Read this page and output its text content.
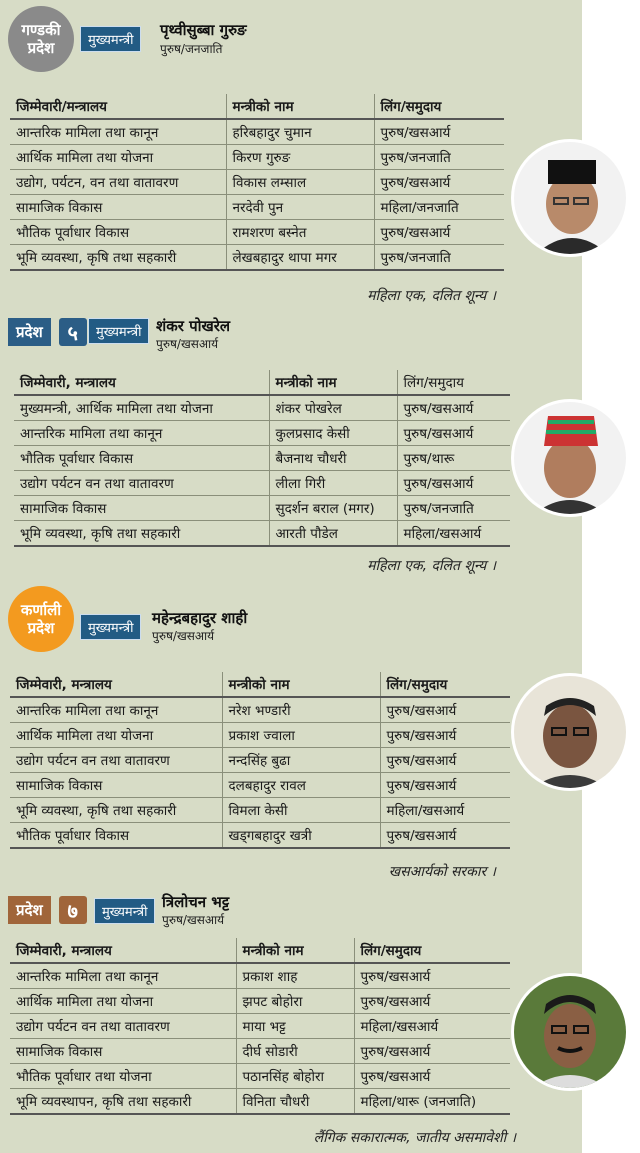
गण्डकी
प्रदेश	मुख्यमन्त्री
पृथ्वीसुब्बा गुरुङ
पुरुष/जनजाति
जिम्मेवारी/मन्त्रालय	मन्त्रीको नाम	लिंग/समुदाय
आन्तरिक मामिला तथा कानून	हरिबहादुर चुमान	पुरुष/खसआर्य
आर्थिक मामिला तथा योजना	किरण गुरुङ	पुरुष/जनजाति
उद्योग, पर्यटन, वन तथा वातावरण	विकास लम्साल	पुरुष/खसआर्य
सामाजिक विकास	नरदेवी पुन	महिला/जनजाति
भौतिक पूर्वाधार विकास	रामशरण बस्नेत	पुरुष/खसआर्य
भूमि व्यवस्था, कृषि तथा सहकारी	लेखबहादुर थापा मगर	पुरुष/जनजाति
महिला एक, दलित शून्य ।
प्रदेश	५	मुख्यमन्त्री शंकर पोखरेल
पुरुष/खसआर्य
जिम्मेवारी, मन्त्रालय	मन्त्रीको नाम	लिंग/समुदाय
मुख्यमन्त्री, आर्थिक मामिला तथा योजना	शंकर पोखरेल	पुरुष/खसआर्य
आन्तरिक मामिला तथा कानून	कुलप्रसाद केसी	पुरुष/खसआर्य
भौतिक पूर्वाधार विकास	बैजनाथ चौधरी	पुरुष/थारू
उद्योग पर्यटन वन तथा वातावरण	लीला गिरी	पुरुष/खसआर्य
सामाजिक विकास	सुदर्शन बराल (मगर)	पुरुष/जनजाति
भूमि व्यवस्था, कृषि तथा सहकारी	आरती पौडेल	महिला/खसआर्य
महिला एक, दलित शून्य ।
कर्णाली
प्रदेश	मुख्यमन्त्री
महेन्द्रबहादुर शाही
पुरुष/खसआर्य
जिम्मेवारी, मन्त्रालय	मन्त्रीको नाम	लिंग/समुदाय
आन्तरिक मामिला तथा कानून	नरेश भण्डारी	पुरुष/खसआर्य
आर्थिक मामिला तथा योजना	प्रकाश ज्वाला	पुरुष/खसआर्य
उद्योग पर्यटन वन तथा वातावरण	नन्दसिंह बुढा	पुरुष/खसआर्य
सामाजिक विकास	दलबहादुर रावल	पुरुष/खसआर्य
भूमि व्यवस्था, कृषि तथा सहकारी	विमला केसी	महिला/खसआर्य
भौतिक पूर्वाधार विकास	खड्गबहादुर खत्री	पुरुष/खसआर्य
खसआर्यको सरकार ।
प्रदेश	७	मुख्यमन्त्री
त्रिलोचन भट्ट
पुरुष/खसआर्य
जिम्मेवारी, मन्त्रालय	मन्त्रीको नाम	लिंग/समुदाय
आन्तरिक मामिला तथा कानून	प्रकाश शाह	पुरुष/खसआर्य
आर्थिक मामिला तथा योजना	झपट बोहोरा	पुरुष/खसआर्य
उद्योग पर्यटन वन तथा वातावरण	माया भट्ट	महिला/खसआर्य
सामाजिक विकास	दीर्घ सोडारी	पुरुष/खसआर्य
भौतिक पूर्वाधार तथा योजना	पठानसिंह बोहोरा	पुरुष/खसआर्य
भूमि व्यवस्थापन, कृषि तथा सहकारी	विनिता चौधरी	महिला/थारू (जनजाति)
लैंगिक सकारात्मक, जातीय असमावेशी ।
